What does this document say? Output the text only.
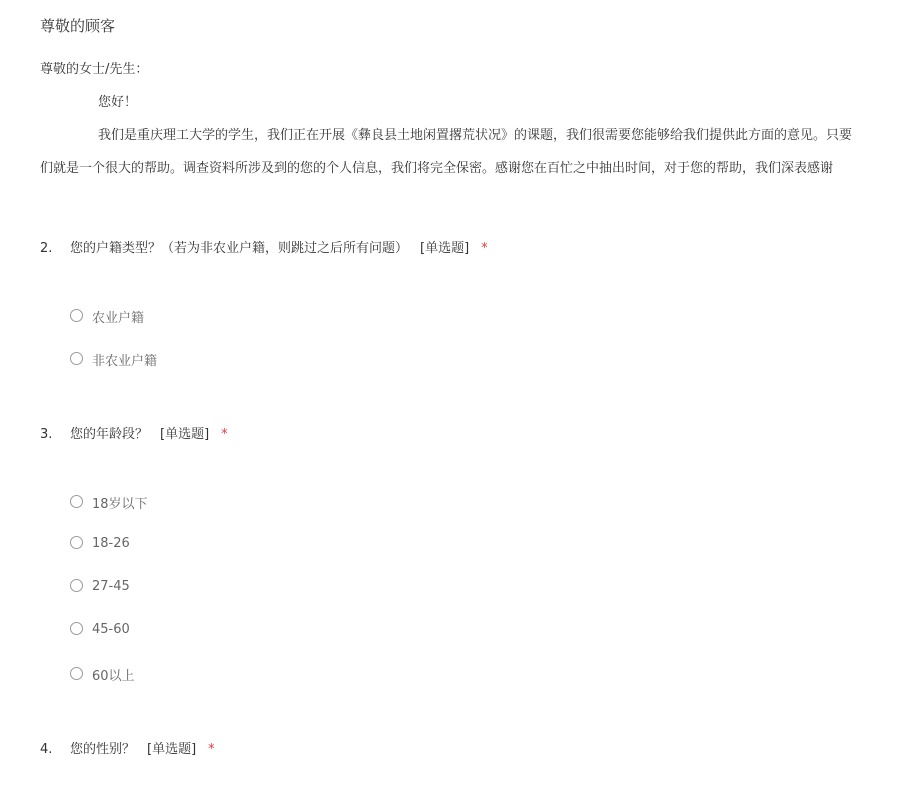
尊敬的顾客
尊敬的女士/先生：
您好！
我们是重庆理工大学的学生，我们正在开展《彝良县土地闲置撂荒状况》的课题，我们很需要您能够给我们提供此方面的意见。只要
们就是一个很大的帮助。调查资料所涉及到的您的个人信息，我们将完全保密。感谢您在百忙之中抽出时间，对于您的帮助，我们深表感谢
2. 您的户籍类型？（若为非农业户籍，则跳过之后所有问题） [单选题] *
农业户籍
非农业户籍
3. 您的年龄段？ [单选题] *
18岁以下
18-26
27-45
45-60
60以上
4. 您的性别？ [单选题] *
